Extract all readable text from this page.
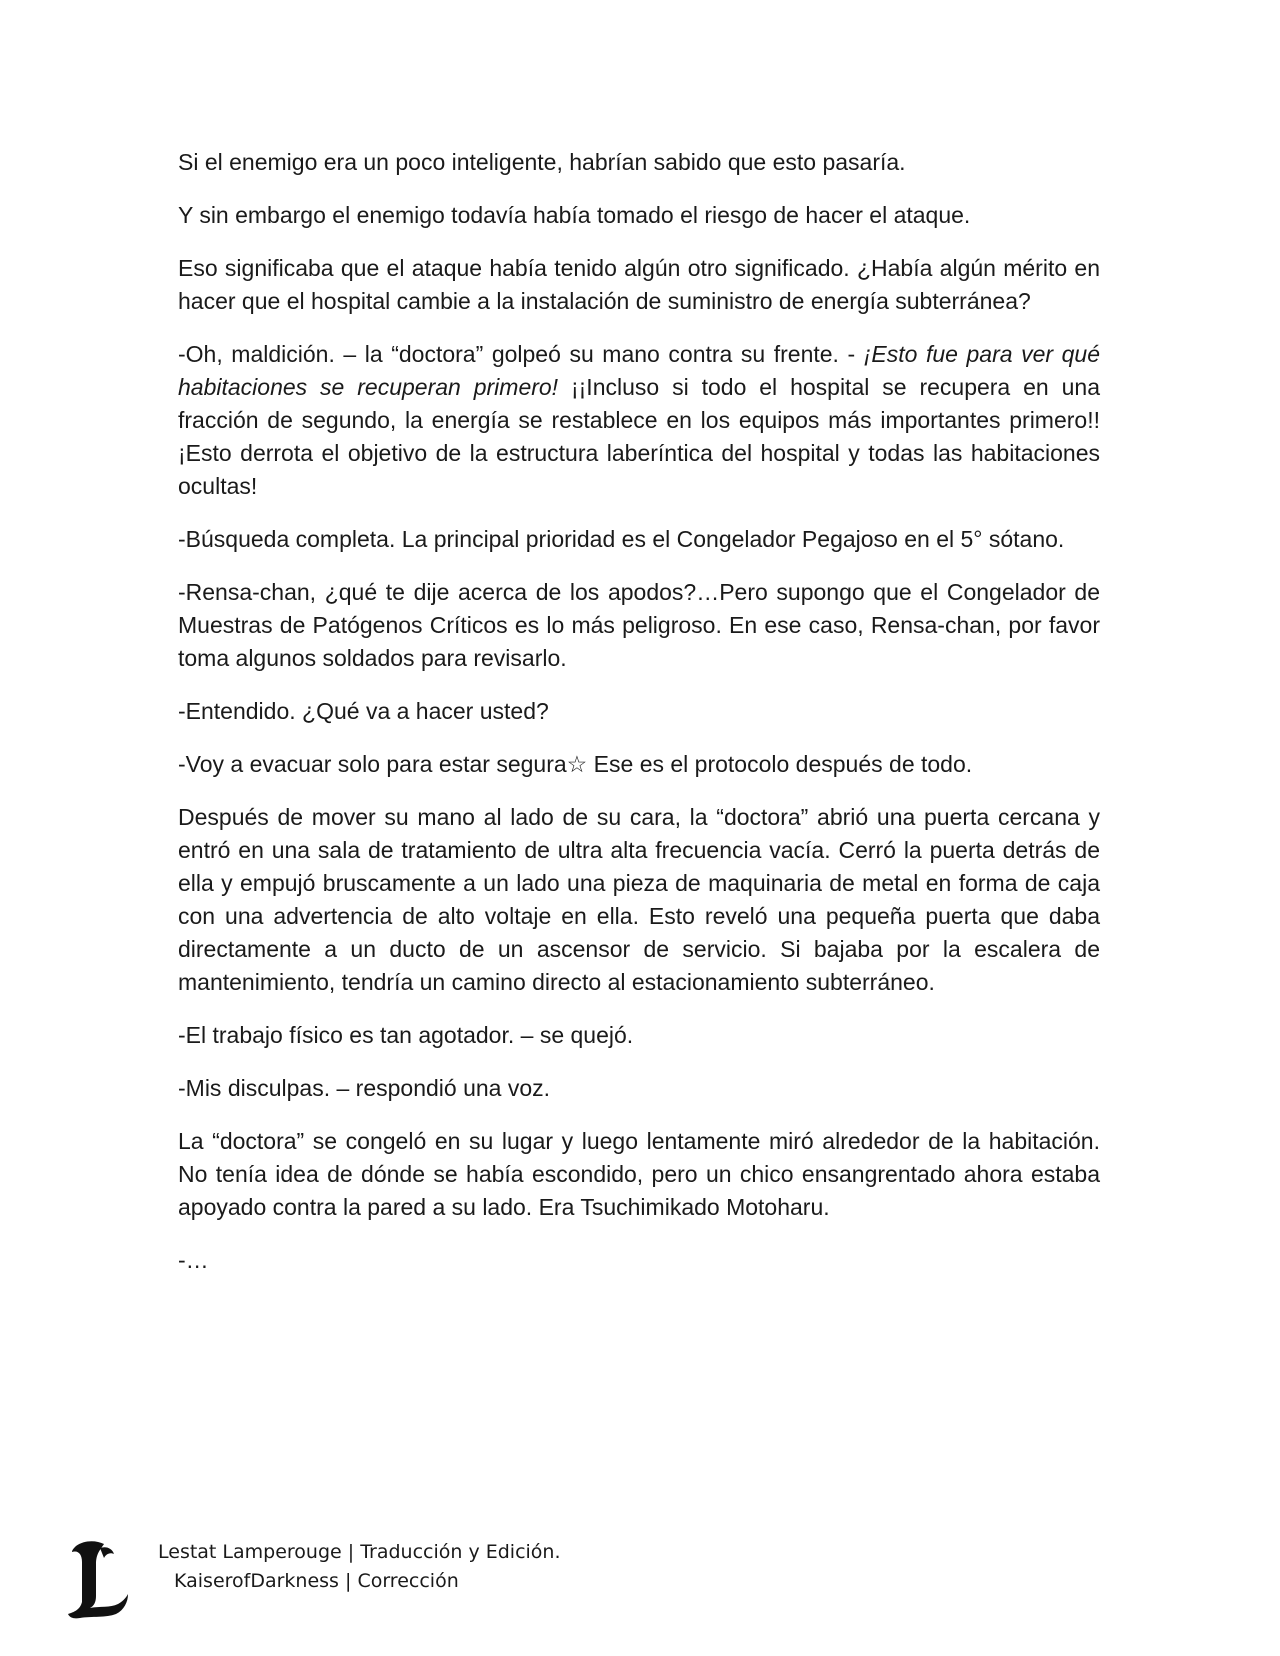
Si el enemigo era un poco inteligente, habrían sabido que esto pasaría.

Y sin embargo el enemigo todavía había tomado el riesgo de hacer el ataque.

Eso significaba que el ataque había tenido algún otro significado. ¿Había algún mérito en hacer que el hospital cambie a la instalación de suministro de energía subterránea?

-Oh, maldición. – la “doctora” golpeó su mano contra su frente. - ¡Esto fue para ver qué habitaciones se recuperan primero! ¡¡Incluso si todo el hospital se recupera en una fracción de segundo, la energía se restablece en los equipos más importantes primero!! ¡Esto derrota el objetivo de la estructura laberíntica del hospital y todas las habitaciones ocultas!

-Búsqueda completa. La principal prioridad es el Congelador Pegajoso en el 5° sótano.

-Rensa-chan, ¿qué te dije acerca de los apodos?…Pero supongo que el Congelador de Muestras de Patógenos Críticos es lo más peligroso. En ese caso, Rensa-chan, por favor toma algunos soldados para revisarlo.

-Entendido. ¿Qué va a hacer usted?

-Voy a evacuar solo para estar segura☆ Ese es el protocolo después de todo.

Después de mover su mano al lado de su cara, la “doctora” abrió una puerta cercana y entró en una sala de tratamiento de ultra alta frecuencia vacía. Cerró la puerta detrás de ella y empujó bruscamente a un lado una pieza de maquinaria de metal en forma de caja con una advertencia de alto voltaje en ella. Esto reveló una pequeña puerta que daba directamente a un ducto de un ascensor de servicio. Si bajaba por la escalera de mantenimiento, tendría un camino directo al estacionamiento subterráneo.

-El trabajo físico es tan agotador. – se quejó.

-Mis disculpas. – respondió una voz.

La “doctora” se congeló en su lugar y luego lentamente miró alrededor de la habitación. No tenía idea de dónde se había escondido, pero un chico ensangrentado ahora estaba apoyado contra la pared a su lado. Era Tsuchimikado Motoharu.

-…

Lestat Lamperouge | Traducción y Edición.
KaiserofDarkness | Corrección
